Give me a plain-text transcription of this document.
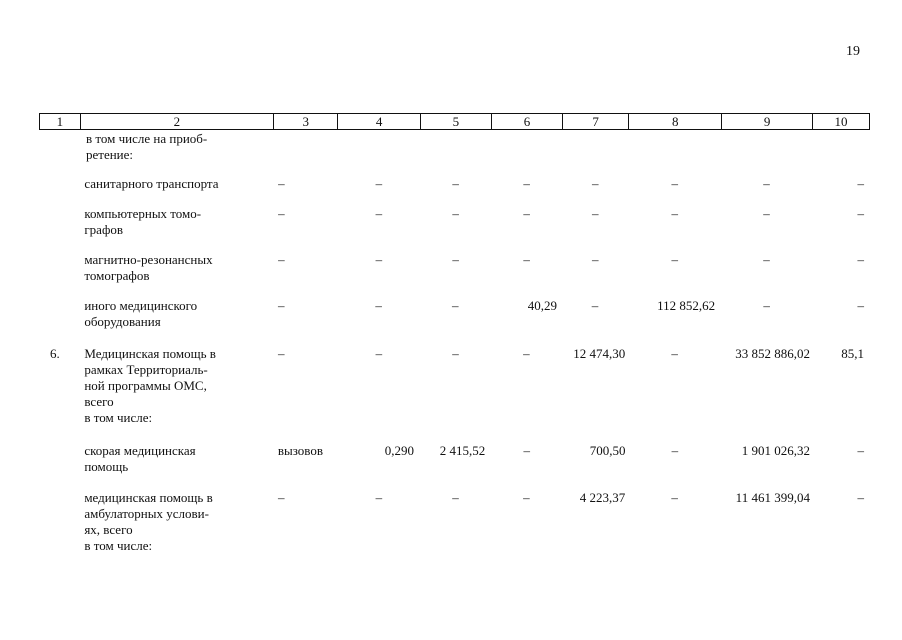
19
1	2	3	4	5	6	7	8	9	10
в том числе на приоб-
ретение:
санитарного транспорта	–	–	–	–	–	–	–	–
компьютерных томо-
графов
–	–	–	–	–	–	–	–
магнитно-резонансных
томографов
–	–	–	–	–	–	–	–
иного медицинского
оборудования
–	–	–	40,29	–	112 852,62	–	–
6.	Медицинская помощь в
рамках Территориаль-
ной программы ОМС,
всего
в том числе:
–	–	–	–	12 474,30	–	33 852 886,02	85,1
скорая медицинская
помощь
вызовов	0,290	2 415,52	–	700,50	–	1 901 026,32	–
медицинская помощь в
амбулаторных услови-
ях, всего
в том числе:
–	–	–	–	4 223,37	–	11 461 399,04	–
